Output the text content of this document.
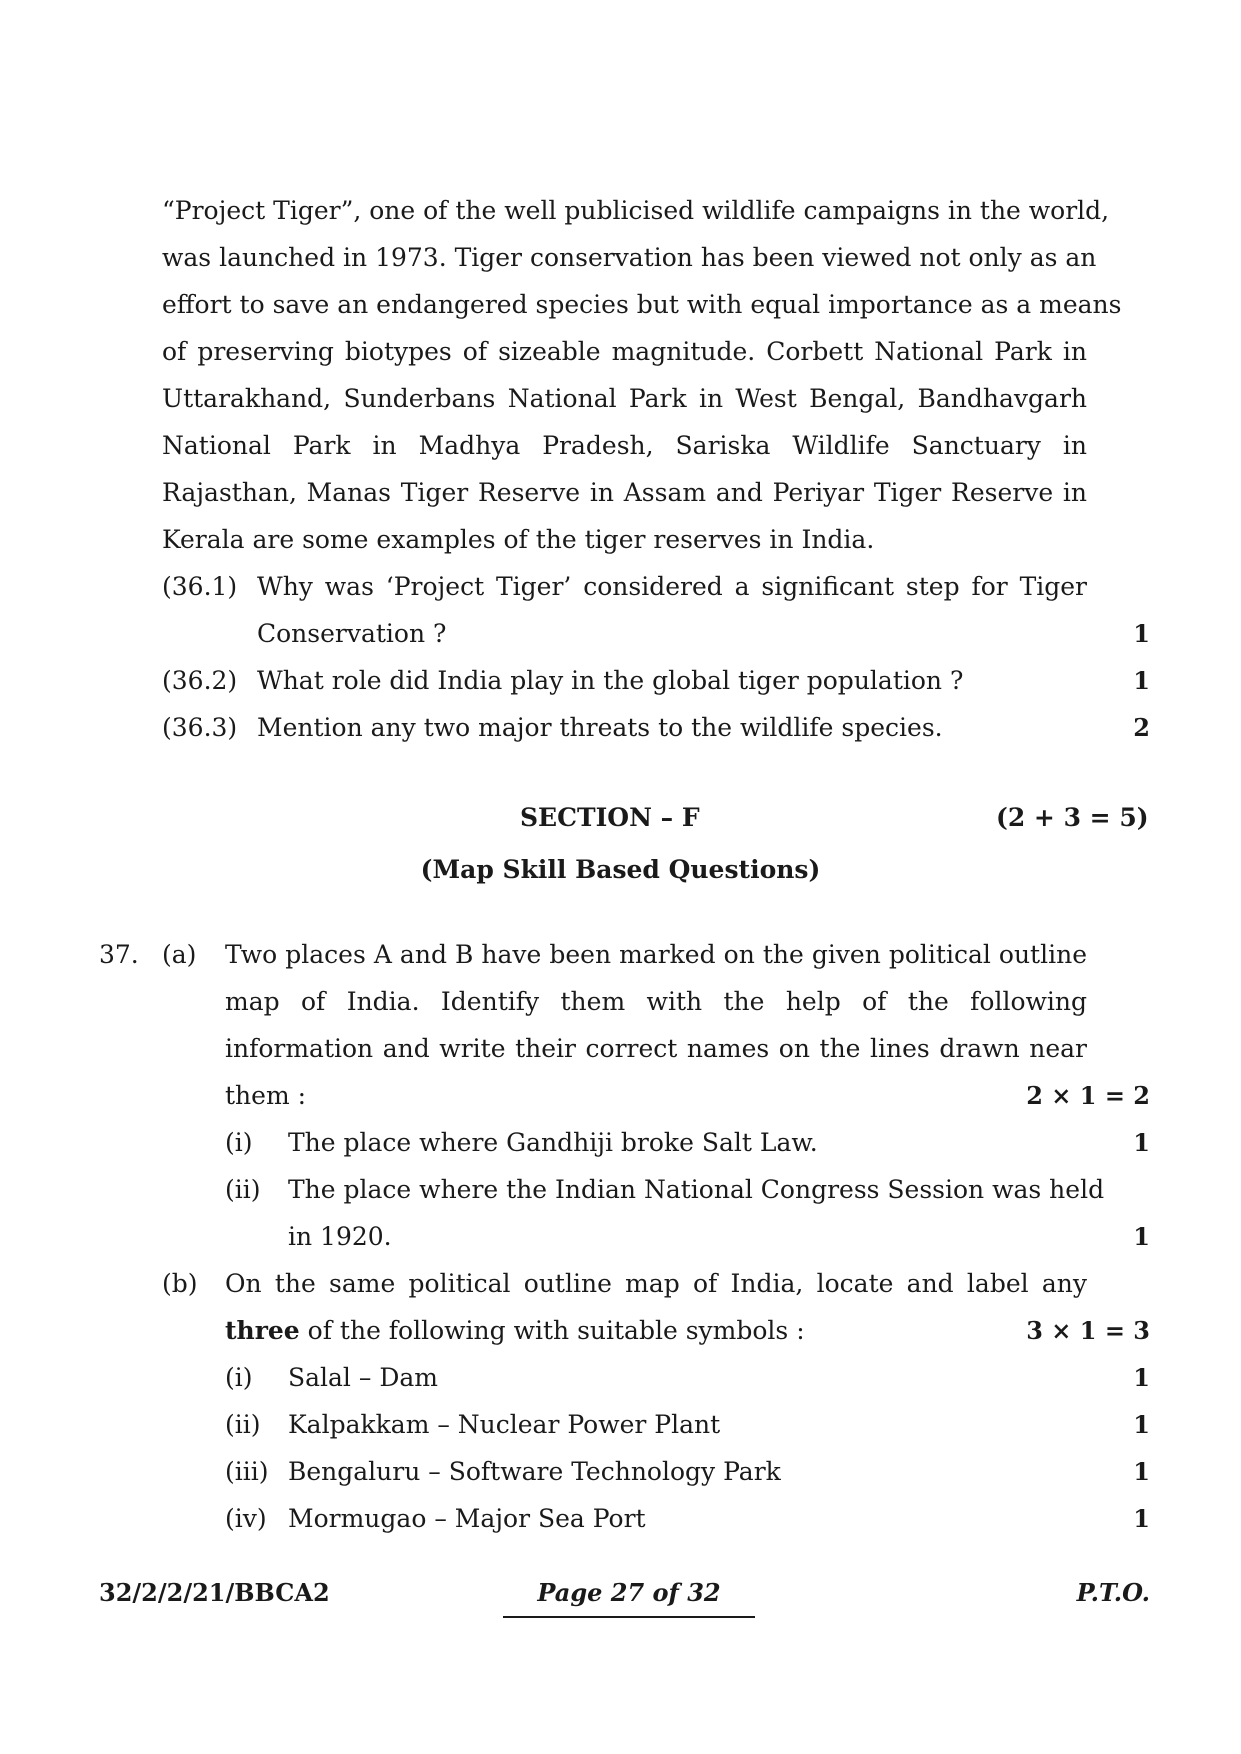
“Project Tiger”, one of the well publicised wildlife campaigns in the world,
was launched in 1973. Tiger conservation has been viewed not only as an
effort to save an endangered species but with equal importance as a means
of preserving biotypes of sizeable magnitude. Corbett National Park in
Uttarakhand, Sunderbans National Park in West Bengal, Bandhavgarh
National Park in Madhya Pradesh, Sariska Wildlife Sanctuary in
Rajasthan, Manas Tiger Reserve in Assam and Periyar Tiger Reserve in
Kerala are some examples of the tiger reserves in India.
(36.1) Why was ‘Project Tiger’ considered a significant step for Tiger
Conservation ?	1
(36.2) What role did India play in the global tiger population ?	1
(36.3) Mention any two major threats to the wildlife species.	2
SECTION – F	(2 + 3 = 5)
(Map Skill Based Questions)
37. (a) Two places A and B have been marked on the given political outline
map of India. Identify them with the help of the following
information and write their correct names on the lines drawn near
them :	2 × 1 = 2
(i) The place where Gandhiji broke Salt Law.	1
(ii) The place where the Indian National Congress Session was held
in 1920.	1
(b) On the same political outline map of India, locate and label any
three of the following with suitable symbols :	3 × 1 = 3
(i) Salal – Dam	1
(ii) Kalpakkam – Nuclear Power Plant	1
(iii) Bengaluru – Software Technology Park	1
(iv) Mormugao – Major Sea Port	1
32/2/2/21/BBCA2	Page 27 of 32	P.T.O.
